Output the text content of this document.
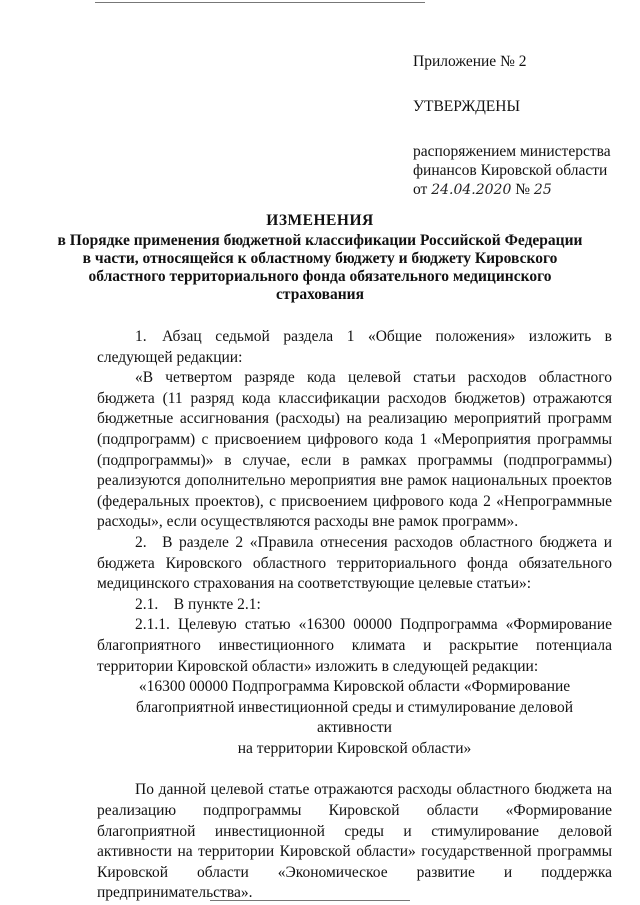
Приложение № 2

УТВЕРЖДЕНЫ

распоряжением министерства

финансов Кировской области

от 24.04.2020 № 25

ИЗМЕНЕНИЯ
в Порядке применения бюджетной классификации Российской Федерации
в части, относящейся к областному бюджету и бюджету Кировского
областного территориального фонда обязательного медицинского
страхования

1. Абзац седьмой раздела 1 «Общие положения» изложить в следующей редакции:

«В четвертом разряде кода целевой статьи расходов областного бюджета (11 разряд кода классификации расходов бюджетов) отражаются бюджетные ассигнования (расходы) на реализацию мероприятий программ (подпрограмм) с присвоением цифрового кода 1 «Мероприятия программы (подпрограммы)» в случае, если в рамках программы (подпрограммы) реализуются дополнительно мероприятия вне рамок национальных проектов (федеральных проектов), с присвоением цифрового кода 2 «Непрограммные расходы», если осуществляются расходы вне рамок программ».

2. В разделе 2 «Правила отнесения расходов областного бюджета и бюджета Кировского областного территориального фонда обязательного медицинского страхования на соответствующие целевые статьи»:

2.1. В пункте 2.1:

2.1.1. Целевую статью «16300 00000 Подпрограмма «Формирование благоприятного инвестиционного климата и раскрытие потенциала территории Кировской области» изложить в следующей редакции:

«16300 00000 Подпрограмма Кировской области «Формирование

благоприятной инвестиционной среды и стимулирование деловой активности

на территории Кировской области»

По данной целевой статье отражаются расходы областного бюджета на реализацию подпрограммы Кировской области «Формирование благоприятной инвестиционной среды и стимулирование деловой активности на территории Кировской области» государственной программы Кировской области «Экономическое развитие и поддержка предпринимательства».
